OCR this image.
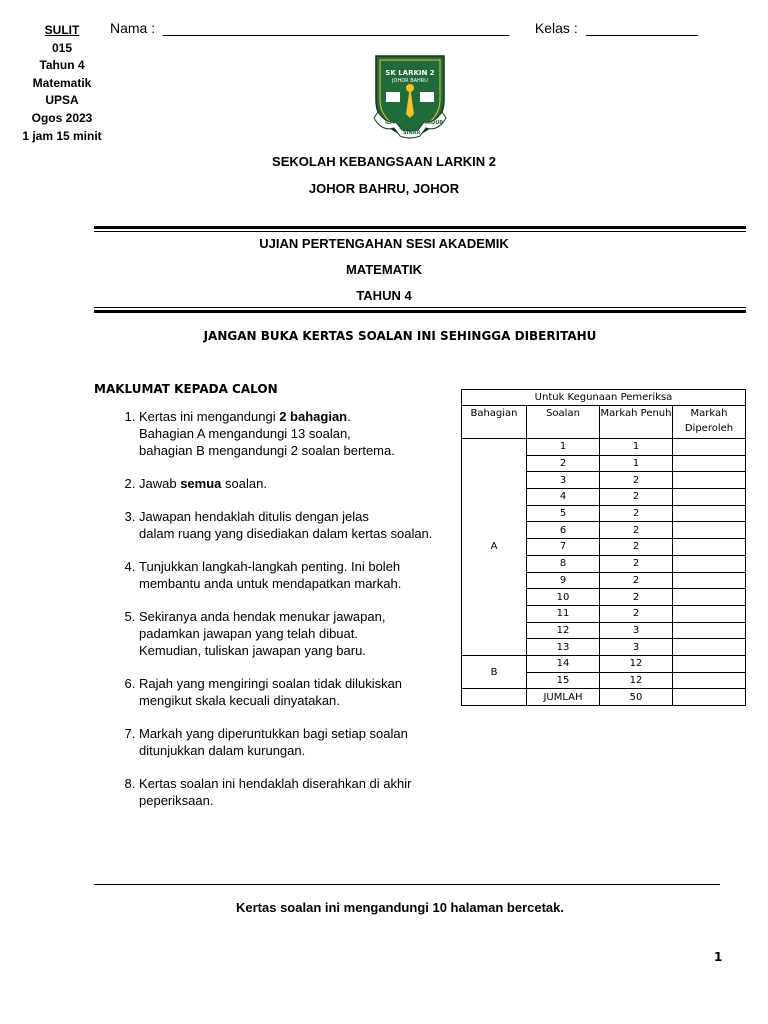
SULIT
015
Tahun 4
Matematik
UPSA
Ogos 2023
1 jam 15 minit
Nama :	Kelas :
SK LARKIN 2
JOHOR BAHRU
ILMU
SINAR
HIDUP
SEKOLAH KEBANGSAAN LARKIN 2
JOHOR BAHRU, JOHOR
UJIAN PERTENGAHAN SESI AKADEMIK
MATEMATIK
TAHUN 4
JANGAN BUKA KERTAS SOALAN INI SEHINGGA DIBERITAHU
MAKLUMAT KEPADA CALON
1. Kertas ini mengandungi 2 bahagian.
Bahagian A mengandungi 13 soalan,
bahagian B mengandungi 2 soalan bertema.
2. Jawab semua soalan.
3. Jawapan hendaklah ditulis dengan jelas
dalam ruang yang disediakan dalam kertas soalan.
4. Tunjukkan langkah-langkah penting. Ini boleh
membantu anda untuk mendapatkan markah.
5. Sekiranya anda hendak menukar jawapan,
padamkan jawapan yang telah dibuat.
Kemudian, tuliskan jawapan yang baru.
6. Rajah yang mengiringi soalan tidak dilukiskan
mengikut skala kecuali dinyatakan.
7. Markah yang diperuntukkan bagi setiap soalan
ditunjukkan dalam kurungan.
8. Kertas soalan ini hendaklah diserahkan di akhir
peperiksaan.
Untuk Kegunaan Pemeriksa			
Bahagian	Soalan	Markah Penuh	Markah Diperoleh
A	1	1	
	2	1	
	3	2	
	4	2	
	5	2	
	6	2	
	7	2	
	8	2	
	9	2	
	10	2	
	11	2	
	12	3	
	13	3	
B	14	12	
	15	12	
	JUMLAH	50	
Kertas soalan ini mengandungi 10 halaman bercetak.
1
